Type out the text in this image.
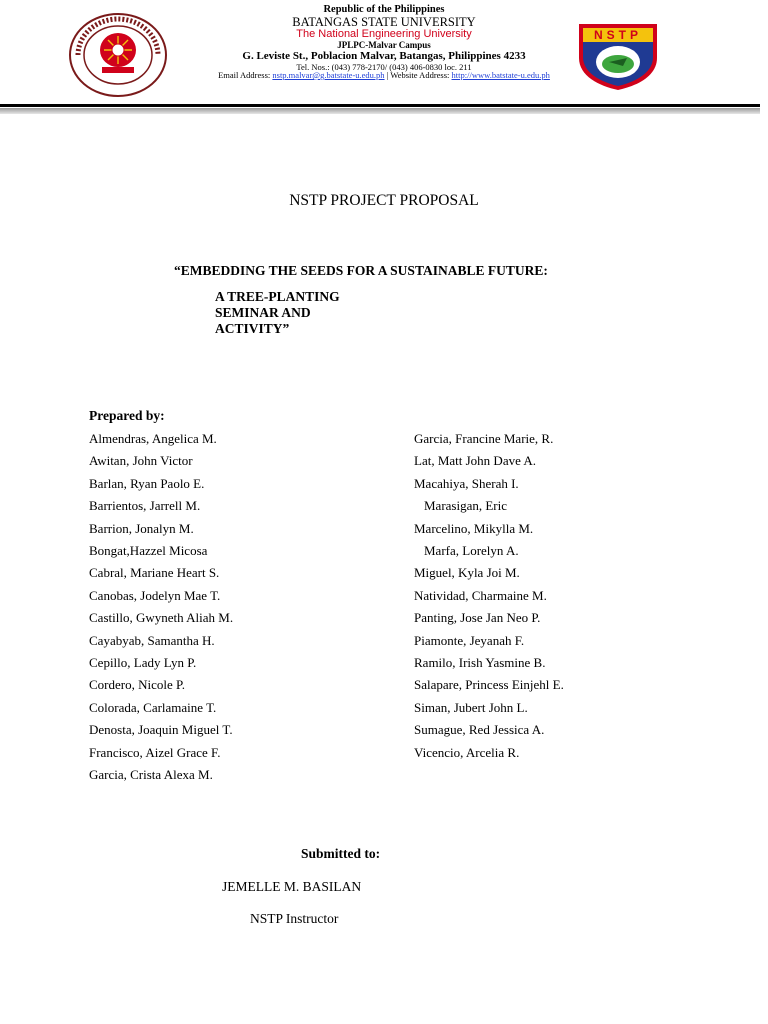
NSTP
Republic of the Philippines
BATANGAS STATE UNIVERSITY
The National Engineering University
JPLPC-Malvar Campus
G. Leviste St., Poblacion Malvar, Batangas, Philippines 4233
Tel. Nos.: (043) 778-2170/ (043) 406-0830 loc. 211
Email Address: nstp.malvar@g.batstate-u.edu.ph | Website Address: http://www.batstate-u.edu.ph
NSTP PROJECT PROPOSAL
“EMBEDDING THE SEEDS FOR A SUSTAINABLE FUTURE:
A TREE-PLANTING
SEMINAR AND
ACTIVITY”
Prepared by:
Almendras, Angelica M.
Awitan, John Victor
Barlan, Ryan Paolo E.
Barrientos, Jarrell M.
Barrion, Jonalyn M.
Bongat,Hazzel Micosa
Cabral, Mariane Heart S.
Canobas, Jodelyn Mae T.
Castillo, Gwyneth Aliah M.
Cayabyab, Samantha H.
Cepillo, Lady Lyn P.
Cordero, Nicole P.
Colorada, Carlamaine T.
Denosta, Joaquin Miguel T.
Francisco, Aizel Grace F.
Garcia, Crista Alexa M.
Garcia, Francine Marie, R.
Lat, Matt John Dave A.
Macahiya, Sherah I.
Marasigan, Eric
Marcelino, Mikylla M.
Marfa, Lorelyn A.
Miguel, Kyla Joi M.
Natividad, Charmaine M.
Panting, Jose Jan Neo P.
Piamonte, Jeyanah F.
Ramilo, Irish Yasmine B.
Salapare, Princess Einjehl E.
Siman, Jubert John L.
Sumague, Red Jessica A.
Vicencio, Arcelia R.
Submitted to:
JEMELLE M. BASILAN
NSTP Instructor
